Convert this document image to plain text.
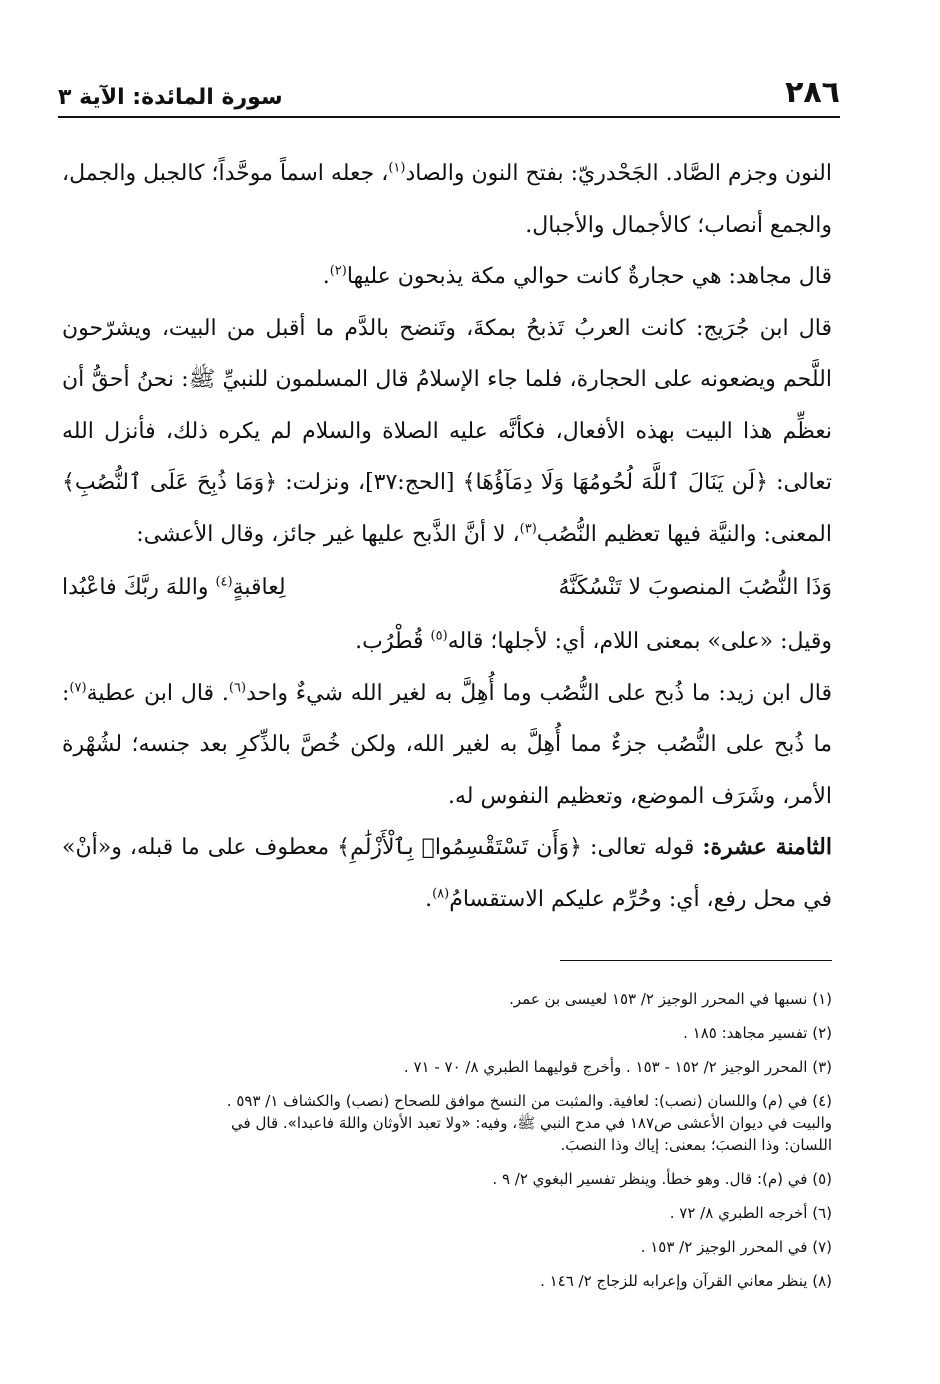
٢٨٦
سورة المائدة: الآية ٣

النون وجزم الصَّاد. الجَحْدريّ: بفتح النون والصاد$^{(١)}$، جعله اسماً موحَّداً؛ كالجبل والجمل، والجمع أنصاب؛ كالأجمال والأجبال.

قال مجاهد: هي حجارةٌ كانت حوالي مكة يذبحون عليها$^{(٢)}$.

قال ابن جُرَيج: كانت العربُ تَذبحُ بمكةَ، وتَنضح بالدَّم ما أقبل من البيت، ويشرّحون اللَّحم ويضعونه على الحجارة، فلما جاء الإسلامُ قال المسلمون للنبيِّ ﷺ: نحنُ أحقُّ أن نعظِّم هذا البيت بهذه الأفعال، فكأنَّه عليه الصلاة والسلام لم يكره ذلك، فأنزل الله تعالى: ﴿لَن يَنَالَ ٱللَّهَ لُحُومُهَا وَلَا دِمَآؤُهَا﴾ [الحج:٣٧]، ونزلت: ﴿وَمَا ذُبِحَ عَلَى ٱلنُّصُبِ﴾ المعنى: والنيَّة فيها تعظيم النُّصُب$^{(٣)}$، لا أنَّ الذَّبح عليها غير جائز، وقال الأعشى:

وَذَا النُّصُبَ المنصوبَ لا تَنْسُكَنَّهُ
لِعاقبةٍ$^{(٤)}$ واللهَ ربَّكَ فاعْبُدا

وقيل: «على» بمعنى اللام، أي: لأجلها؛ قاله$^{(٥)}$ قُطْرُب.

قال ابن زيد: ما ذُبح على النُّصُب وما أُهِلَّ به لغير الله شيءٌ واحد$^{(٦)}$. قال ابن عطية$^{(٧)}$: ما ذُبح على النُّصُب جزءٌ مما أُهِلَّ به لغير الله، ولكن خُصَّ بالذِّكرِ بعد جنسه؛ لشُهْرة الأمر، وشَرَف الموضع، وتعظيم النفوس له.

الثامنة عشرة: قوله تعالى: ﴿وَأَن تَسْتَقْسِمُوا۟ بِٱلْأَزْلَٰمِ﴾ معطوف على ما قبله، و«أنْ» في محل رفع، أي: وحُرِّم عليكم الاستقسامُ$^{(٨)}$.

(١) نسبها في المحرر الوجيز ٢/ ١٥٣ لعيسى بن عمر.

(٢) تفسير مجاهد: ١٨٥ .

(٣) المحرر الوجيز ٢/ ١٥٢ - ١٥٣ . وأخرج قوليهما الطبري ٨/ ٧٠ - ٧١ .

(٤) في (م) واللسان (نصب): لعافية. والمثبت من النسخ موافق للصحاح (نصب) والكشاف ١/ ٥٩٣ .
والبيت في ديوان الأعشى ص١٨٧ في مدح النبي ﷺ، وفيه: «ولا تعبد الأوثان واللهَ فاعبدا». قال في
اللسان: وذا النصبَ؛ بمعنى: إياك وذا النصبَ.

(٥) في (م): قال. وهو خطأ. وينظر تفسير البغوي ٢/ ٩ .

(٦) أخرجه الطبري ٨/ ٧٢ .

(٧) في المحرر الوجيز ٢/ ١٥٣ .

(٨) ينظر معاني القرآن وإعرابه للزجاج ٢/ ١٤٦ .
